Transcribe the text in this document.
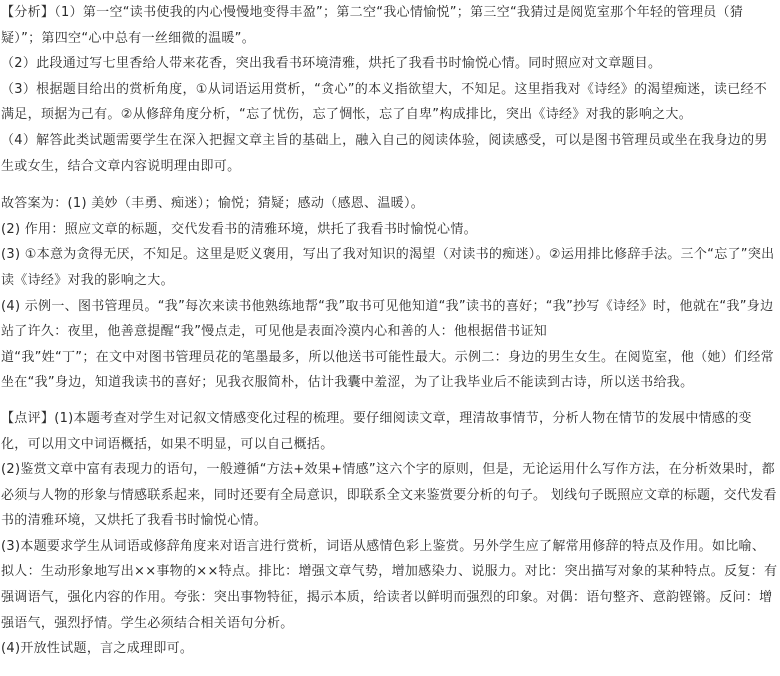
【分析】（1）第一空“读书使我的内心慢慢地变得丰盈”；第二空“我心情愉悦”；第三空“我猜过是阅览室那个年轻的管理员（猜疑）”；第四空“心中总有一丝细微的温暖”。

（2）此段通过写七里香给人带来花香，突出我看书环境清雅，烘托了我看书时愉悦心情。同时照应对文章题目。

（3）根据题目给出的赏析角度，①从词语运用赏析，“贪心”的本义指欲望大，不知足。这里指我对《诗经》的渴望痴迷，读已经不满足，顼据为己有。②从修辞角度分析，“忘了忧伤，忘了惆怅，忘了自卑”构成排比，突出《诗经》对我的影响之大。

（4）解答此类试题需要学生在深入把握文章主旨的基础上，融入自己的阅读体验，阅读感受，可以是图书管理员或坐在我身边的男生或女生，结合文章内容说明理由即可。

故答案为：(1) 美妙（丰勇、痴迷）；愉悦；猜疑；感动（感恩、温暖）。

(2) 作用：照应文章的标题，交代发看书的清雅环境，烘托了我看书时愉悦心情。

(3) ①本意为贪得无厌，不知足。这里是贬义褒用，写出了我对知识的渴望（对读书的痴迷）。②运用排比修辞手法。三个“忘了”突出读《诗经》对我的影响之大。

(4) 示例一、图书管理员。“我”每次来读书他熟练地帮“我”取书可见他知道“我”读书的喜好；“我”抄写《诗经》时，他就在“我”身边站了许久：夜里，他善意提醒“我”慢点走，可见他是表面冷漠内心和善的人：他根据借书证知

道“我”姓“丁”；在文中对图书管理员花的笔墨最多，所以他送书可能性最大。示例二：身边的男生女生。在阅览室，他（她）们经常坐在“我”身边，知道我读书的喜好；见我衣服简朴，估计我囊中羞涩，为了让我毕业后不能读到古诗，所以送书给我。

【点评】(1)本题考查对学生对记叙文情感变化过程的梳理。要仔细阅读文章，理清故事情节，分析人物在情节的发展中情感的变化，可以用文中词语概括，如果不明显，可以自己概括。

(2)鉴赏文章中富有表现力的语句，一般遵循“方法+效果+情感”这六个字的原则，但是，无论运用什么写作方法，在分析效果时，都必须与人物的形象与情感联系起来，同时还要有全局意识，即联系全文来鉴赏要分析的句子。 划线句子既照应文章的标题，交代发看书的清雅环境，又烘托了我看书时愉悦心情。

(3)本题要求学生从词语或修辞角度来对语言进行赏析，词语从感情色彩上鉴赏。另外学生应了解常用修辞的特点及作用。如比喻、拟人：生动形象地写出××事物的××特点。排比：增强文章气势，增加感染力、说服力。对比：突出描写对象的某种特点。反复：有强调语气，强化内容的作用。夸张：突出事物特征，揭示本质，给读者以鲜明而强烈的印象。对偶：语句整齐、意韵铿锵。反问：增强语气，强烈抒情。学生必须结合相关语句分析。

(4)开放性试题，言之成理即可。
